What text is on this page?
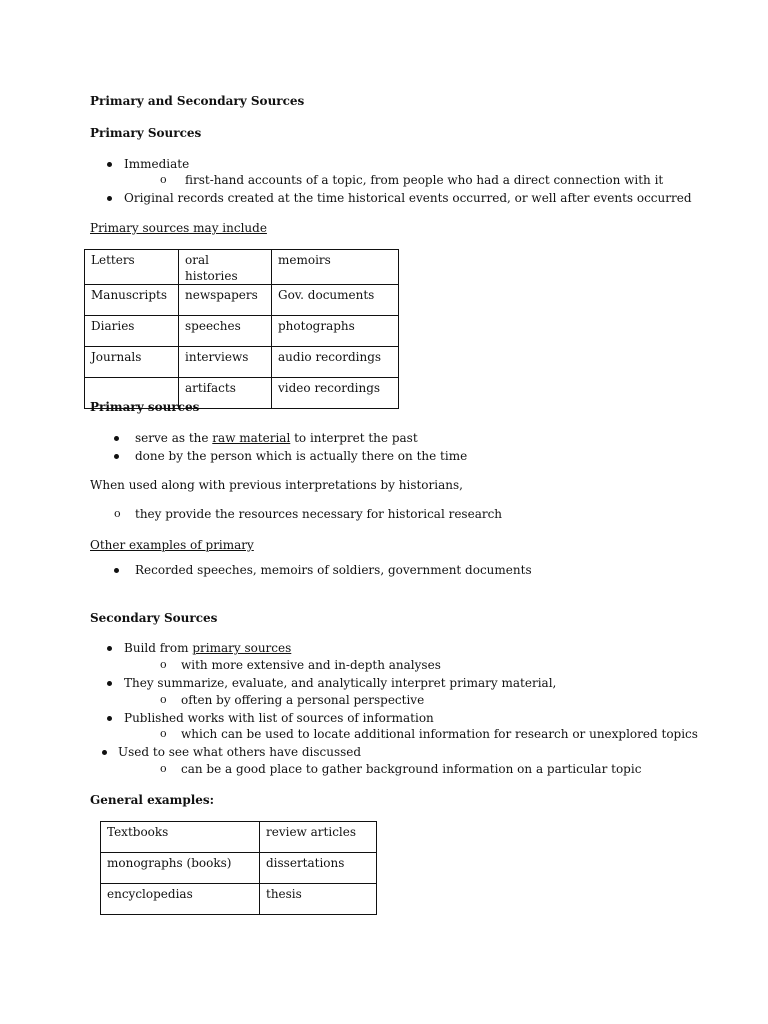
Primary and Secondary Sources
Primary Sources
Immediate
o first-hand accounts of a topic, from people who had a direct connection with it
Original records created at the time historical events occurred, or well after events occurred
Primary sources may include
Letters	oral histories	memoirs
Manuscripts	newspapers	Gov. documents
Diaries	speeches	photographs
Journals	interviews	audio recordings
	artifacts	video recordings
Primary sources
serve as the raw material to interpret the past
done by the person which is actually there on the time
When used along with previous interpretations by historians,
o they provide the resources necessary for historical research
Other examples of primary
Recorded speeches, memoirs of soldiers, government documents
Secondary Sources
Build from primary sources
o with more extensive and in-depth analyses
They summarize, evaluate, and analytically interpret primary material,
o often by offering a personal perspective
Published works with list of sources of information
o which can be used to locate additional information for research or unexplored topics
Used to see what others have discussed
o can be a good place to gather background information on a particular topic
General examples:
Textbooks	review articles
monographs (books)	dissertations
encyclopedias	thesis
